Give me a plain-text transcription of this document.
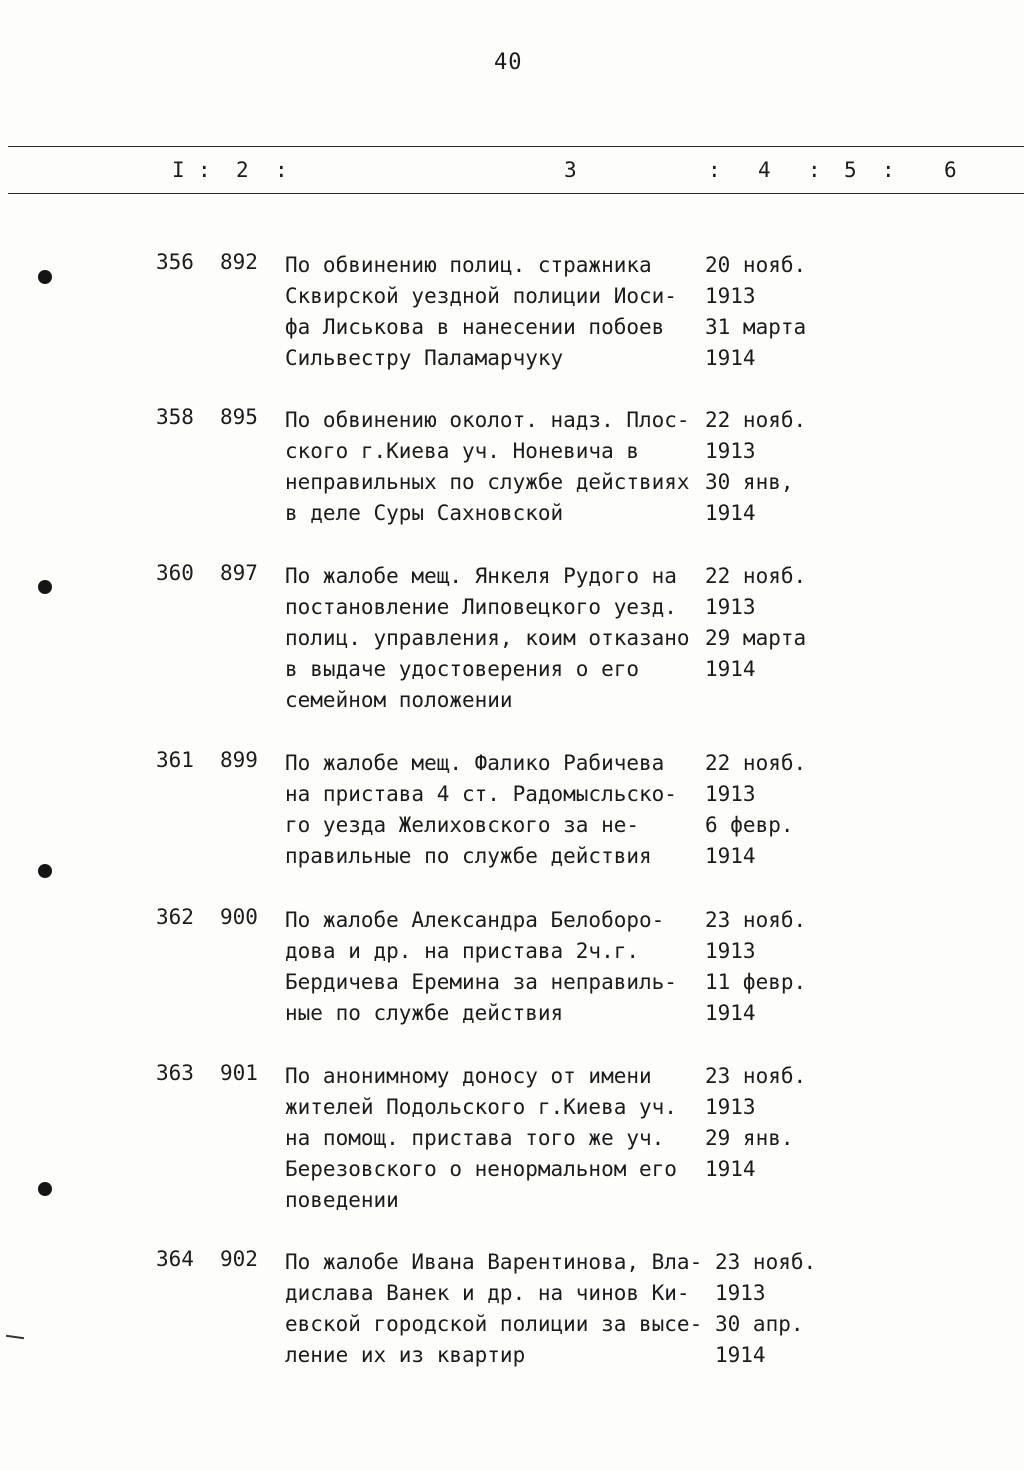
40
I : 2 :	3	: 4 : 5 : 6
356 892 По обвинению полиц. стражника
Сквирской уездной полиции Иоси-
фа Лиськова в нанесении побоев
Сильвестру Паламарчуку
20 нояб.
1913
31 марта
1914
358 895 По обвинению околот. надз. Плос-
ского г.Киева уч. Ноневича в
неправильных по службе действиях
в деле Суры Сахновской
22 нояб.
1913
30 янв,
1914
360 897 По жалобе мещ. Янкеля Рудого на
постановление Липовецкого уезд.
полиц. управления, коим отказано
в выдаче удостоверения о его
семейном положении
22 нояб.
1913
29 марта
1914
361 899 По жалобе мещ. Фалико Рабичева
на пристава 4 ст. Радомысльско-
го уезда Желиховского за не-
правильные по службе действия
22 нояб.
1913
6 февр.
1914
362 900 По жалобе Александра Белоборо-
дова и др. на пристава 2ч.г.
Бердичева Еремина за неправиль-
ные по службе действия
23 нояб.
1913
11 февр.
1914
363 901 По анонимному доносу от имени
жителей Подольского г.Киева уч.
на помощ. пристава того же уч.
Березовского о ненормальном его
поведении
23 нояб.
1913
29 янв.
1914
364 902 По жалобе Ивана Варентинова, Вла-
дислава Ванек и др. на чинов Ки-
евской городской полиции за высе-
ление их из квартир
23 нояб.
1913
30 апр.
1914
